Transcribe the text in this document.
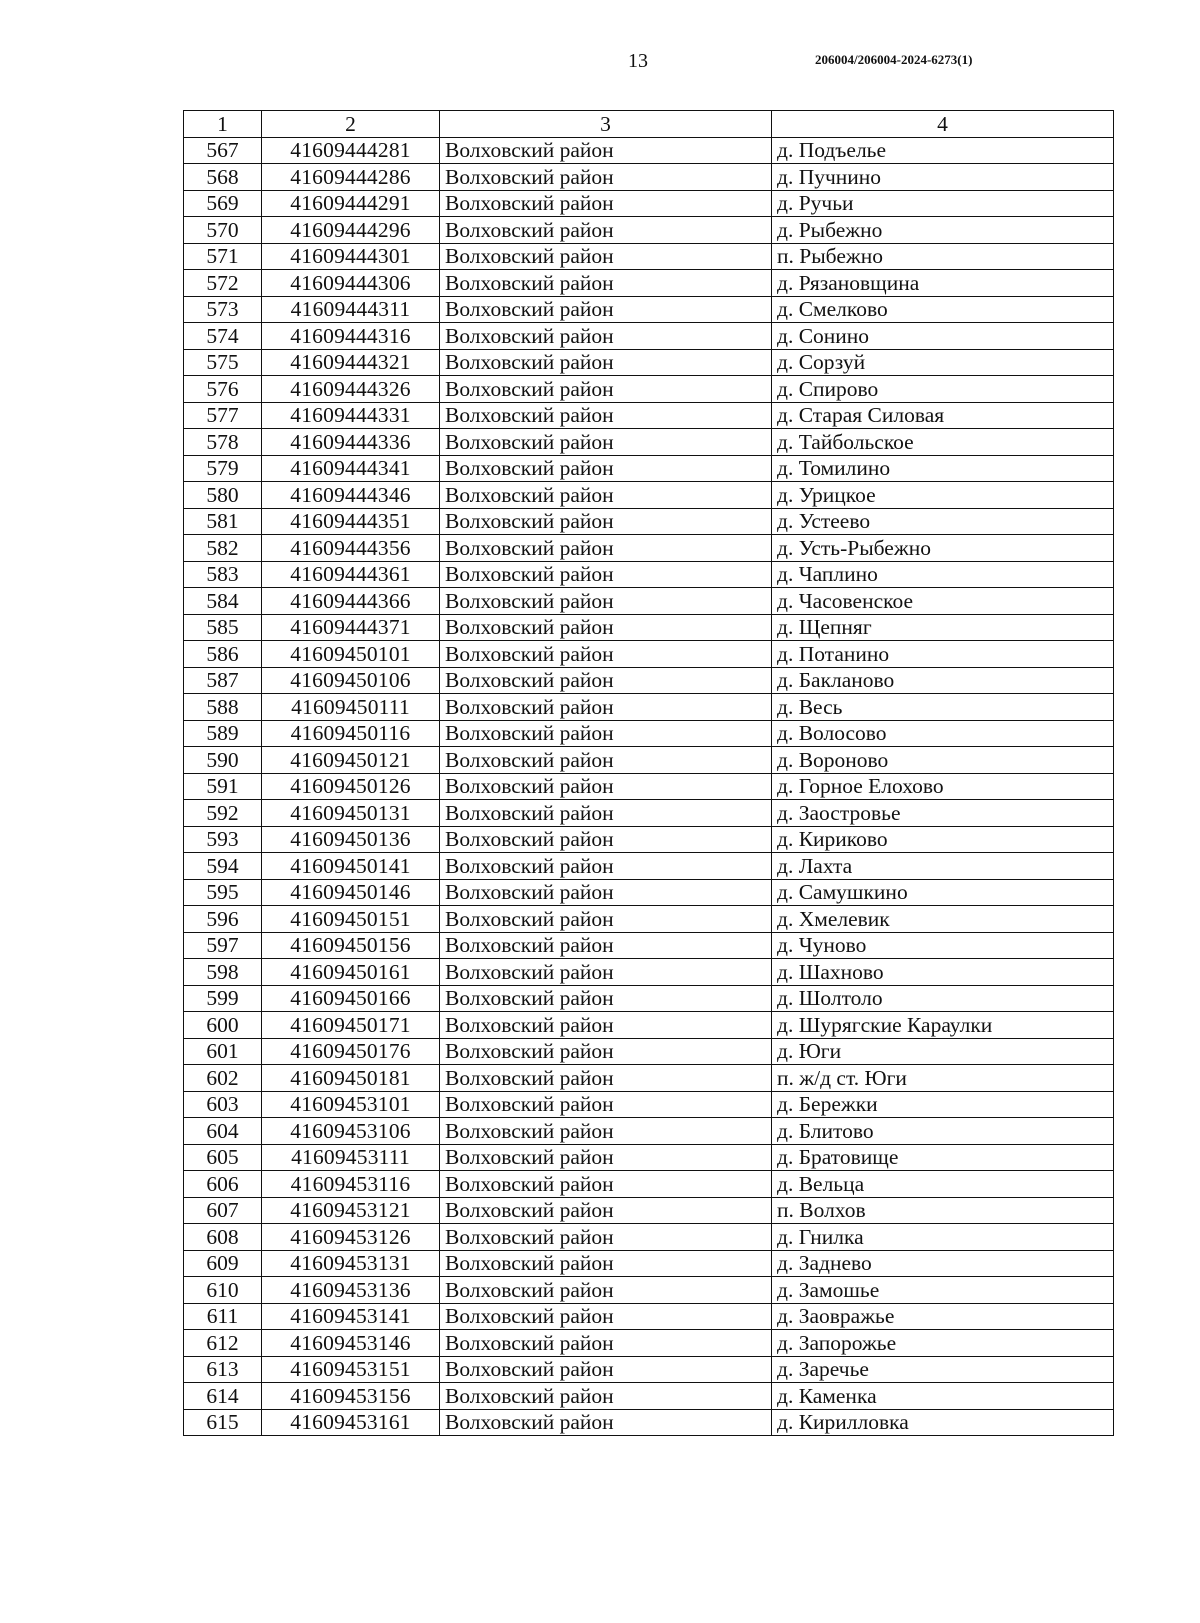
13	206004/206004-2024-6273(1)
1	2	3	4
567	41609444281	Волховский район	д. Подъелье
568	41609444286	Волховский район	д. Пучнино
569	41609444291	Волховский район	д. Ручьи
570	41609444296	Волховский район	д. Рыбежно
571	41609444301	Волховский район	п. Рыбежно
572	41609444306	Волховский район	д. Рязановщина
573	41609444311	Волховский район	д. Смелково
574	41609444316	Волховский район	д. Сонино
575	41609444321	Волховский район	д. Сорзуй
576	41609444326	Волховский район	д. Спирово
577	41609444331	Волховский район	д. Старая Силовая
578	41609444336	Волховский район	д. Тайбольское
579	41609444341	Волховский район	д. Томилино
580	41609444346	Волховский район	д. Урицкое
581	41609444351	Волховский район	д. Устеево
582	41609444356	Волховский район	д. Усть-Рыбежно
583	41609444361	Волховский район	д. Чаплино
584	41609444366	Волховский район	д. Часовенское
585	41609444371	Волховский район	д. Щепняг
586	41609450101	Волховский район	д. Потанино
587	41609450106	Волховский район	д. Бакланово
588	41609450111	Волховский район	д. Весь
589	41609450116	Волховский район	д. Волосово
590	41609450121	Волховский район	д. Вороново
591	41609450126	Волховский район	д. Горное Елохово
592	41609450131	Волховский район	д. Заостровье
593	41609450136	Волховский район	д. Кириково
594	41609450141	Волховский район	д. Лахта
595	41609450146	Волховский район	д. Самушкино
596	41609450151	Волховский район	д. Хмелевик
597	41609450156	Волховский район	д. Чуново
598	41609450161	Волховский район	д. Шахново
599	41609450166	Волховский район	д. Шолтоло
600	41609450171	Волховский район	д. Шурягские Караулки
601	41609450176	Волховский район	д. Юги
602	41609450181	Волховский район	п. ж/д ст. Юги
603	41609453101	Волховский район	д. Бережки
604	41609453106	Волховский район	д. Блитово
605	41609453111	Волховский район	д. Братовище
606	41609453116	Волховский район	д. Вельца
607	41609453121	Волховский район	п. Волхов
608	41609453126	Волховский район	д. Гнилка
609	41609453131	Волховский район	д. Заднево
610	41609453136	Волховский район	д. Замошье
611	41609453141	Волховский район	д. Заовражье
612	41609453146	Волховский район	д. Запорожье
613	41609453151	Волховский район	д. Заречье
614	41609453156	Волховский район	д. Каменка
615	41609453161	Волховский район	д. Кирилловка
